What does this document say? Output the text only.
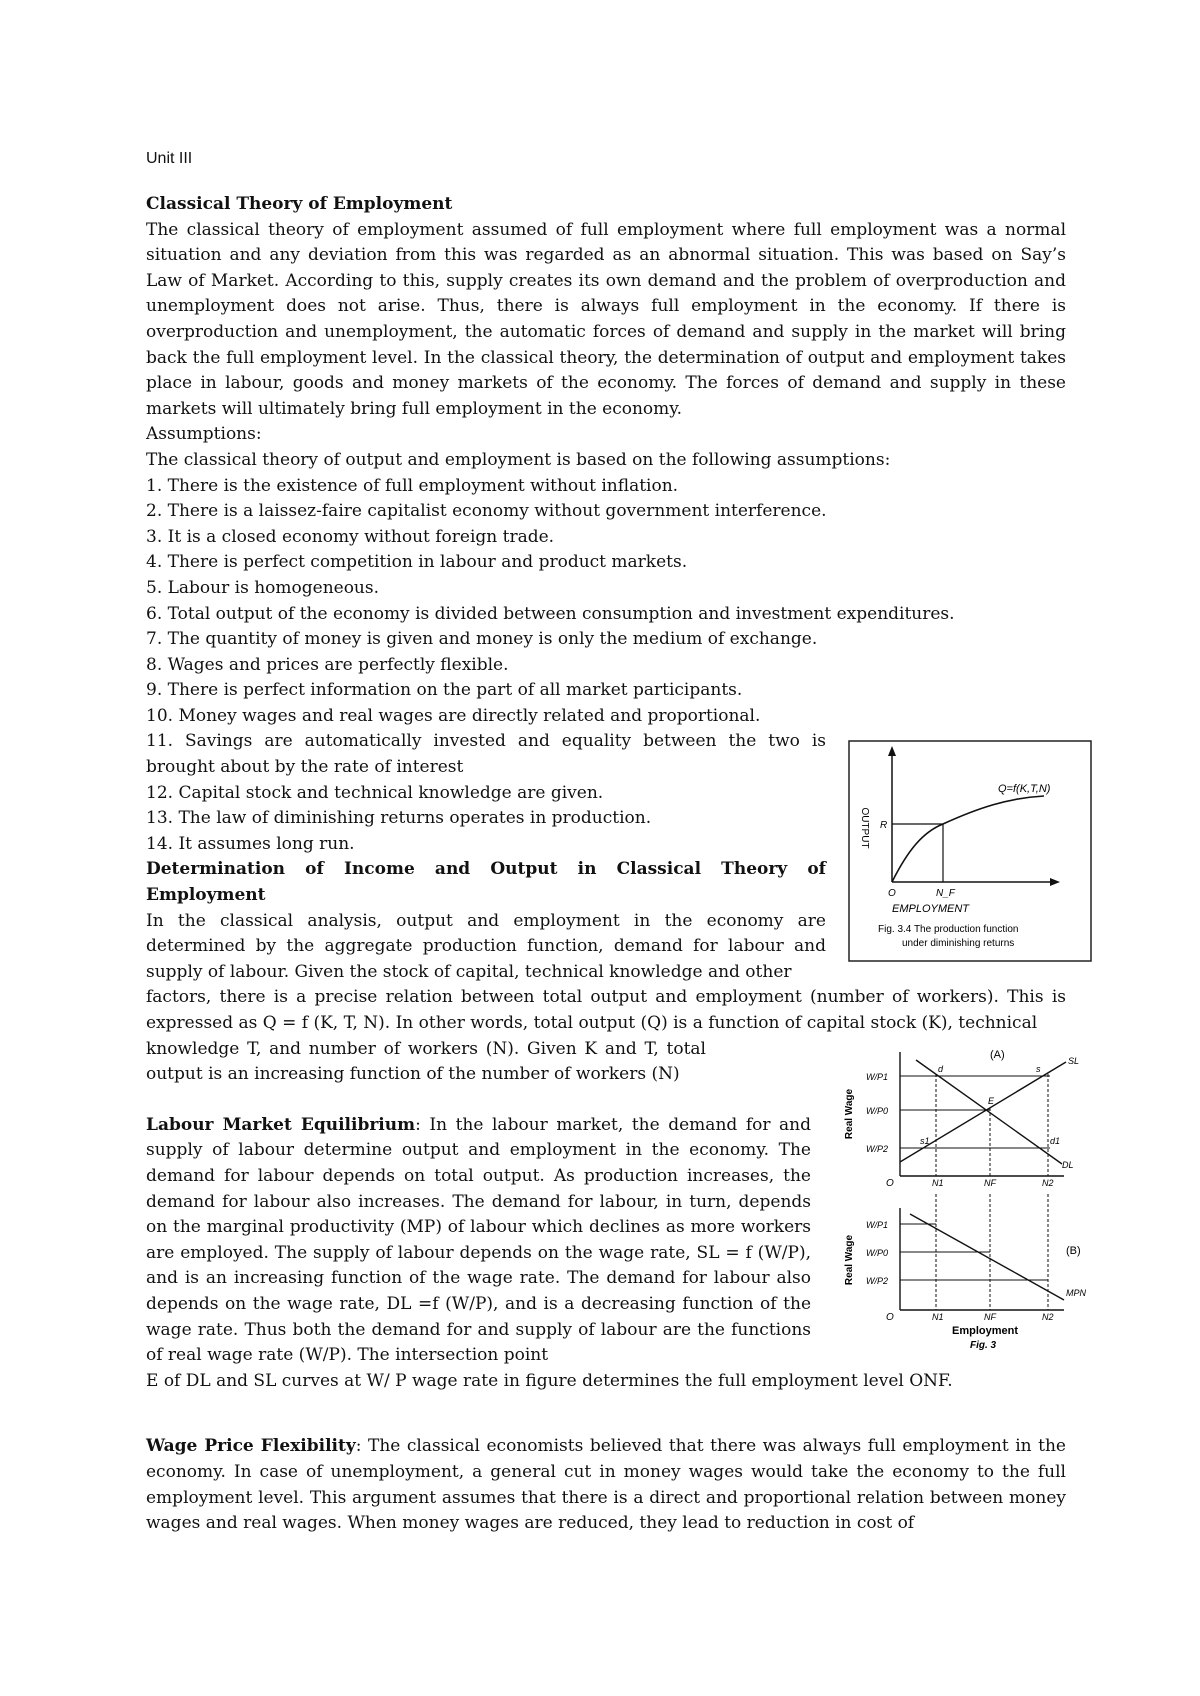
Unit III
Classical Theory of Employment
The classical theory of employment assumed of full employment where full employment was a normal situation and any deviation from this was regarded as an abnormal situation. This was based on Say’s Law of Market. According to this, supply creates its own demand and the problem of overproduction and unemployment does not arise. Thus, there is always full employment in the economy. If there is overproduction and unemployment, the automatic forces of demand and supply in the market will bring back the full employment level. In the classical theory, the determination of output and employment takes place in labour, goods and money markets of the economy. The forces of demand and supply in these markets will ultimately bring full employment in the economy.
Assumptions:
The classical theory of output and employment is based on the following assumptions:
1. There is the existence of full employment without inflation.
2. There is a laissez-faire capitalist economy without government interference.
3. It is a closed economy without foreign trade.
4. There is perfect competition in labour and product markets.
5. Labour is homogeneous.
6. Total output of the economy is divided between consumption and investment expenditures.
7. The quantity of money is given and money is only the medium of exchange.
8. Wages and prices are perfectly flexible.
9. There is perfect information on the part of all market participants.
10. Money wages and real wages are directly related and proportional.
11. Savings are automatically invested and equality between the two is brought about by the rate of interest
12. Capital stock and technical knowledge are given.
13. The law of diminishing returns operates in production.
14. It assumes long run.
Determination of Income and Output in Classical Theory of Employment
In the classical analysis, output and employment in the economy are determined by the aggregate production function, demand for labour and supply of labour. Given the stock of capital, technical knowledge and other
factors, there is a precise relation between total output and employment (number of workers). This is expressed as Q = f (K, T, N). In other words, total output (Q) is a function of capital stock (K), technical
knowledge T, and number of workers (N). Given K and T, total output is an increasing function of the number of workers (N)
Labour Market Equilibrium: In the labour market, the demand for and supply of labour determine output and employment in the economy. The demand for labour depends on total output. As production increases, the demand for labour also increases. The demand for labour, in turn, depends on the marginal productivity (MP) of labour which declines as more workers are employed. The supply of labour depends on the wage rate, SL = f (W/P), and is an increasing function of the wage rate. The demand for labour also depends on the wage rate, DL =f (W/P), and is a decreasing function of the wage rate. Thus both the demand for and supply of labour are the functions of real wage rate (W/P). The intersection point
E of DL and SL curves at W/ P wage rate in figure determines the full employment level ONF.
Wage Price Flexibility: The classical economists believed that there was always full employment in the economy. In case of unemployment, a general cut in money wages would take the economy to the full employment level. This argument assumes that there is a direct and proportional relation between money wages and real wages. When money wages are reduced, they lead to reduction in cost of
OUTPUT R
Q=f(K,T,N)
O	N_F
EMPLOYMENT
Fig. 3.4 The production function
under diminishing returns
(A)
Real Wage
W/P1
W/P0
W/P2
SL
DL
d	s
E
s1	d1
O	N1	NF	N2
Real Wage
W/P1
W/P0
W/P2
MPN
(B)
O	N1	NF	N2
Employment
Fig. 3
